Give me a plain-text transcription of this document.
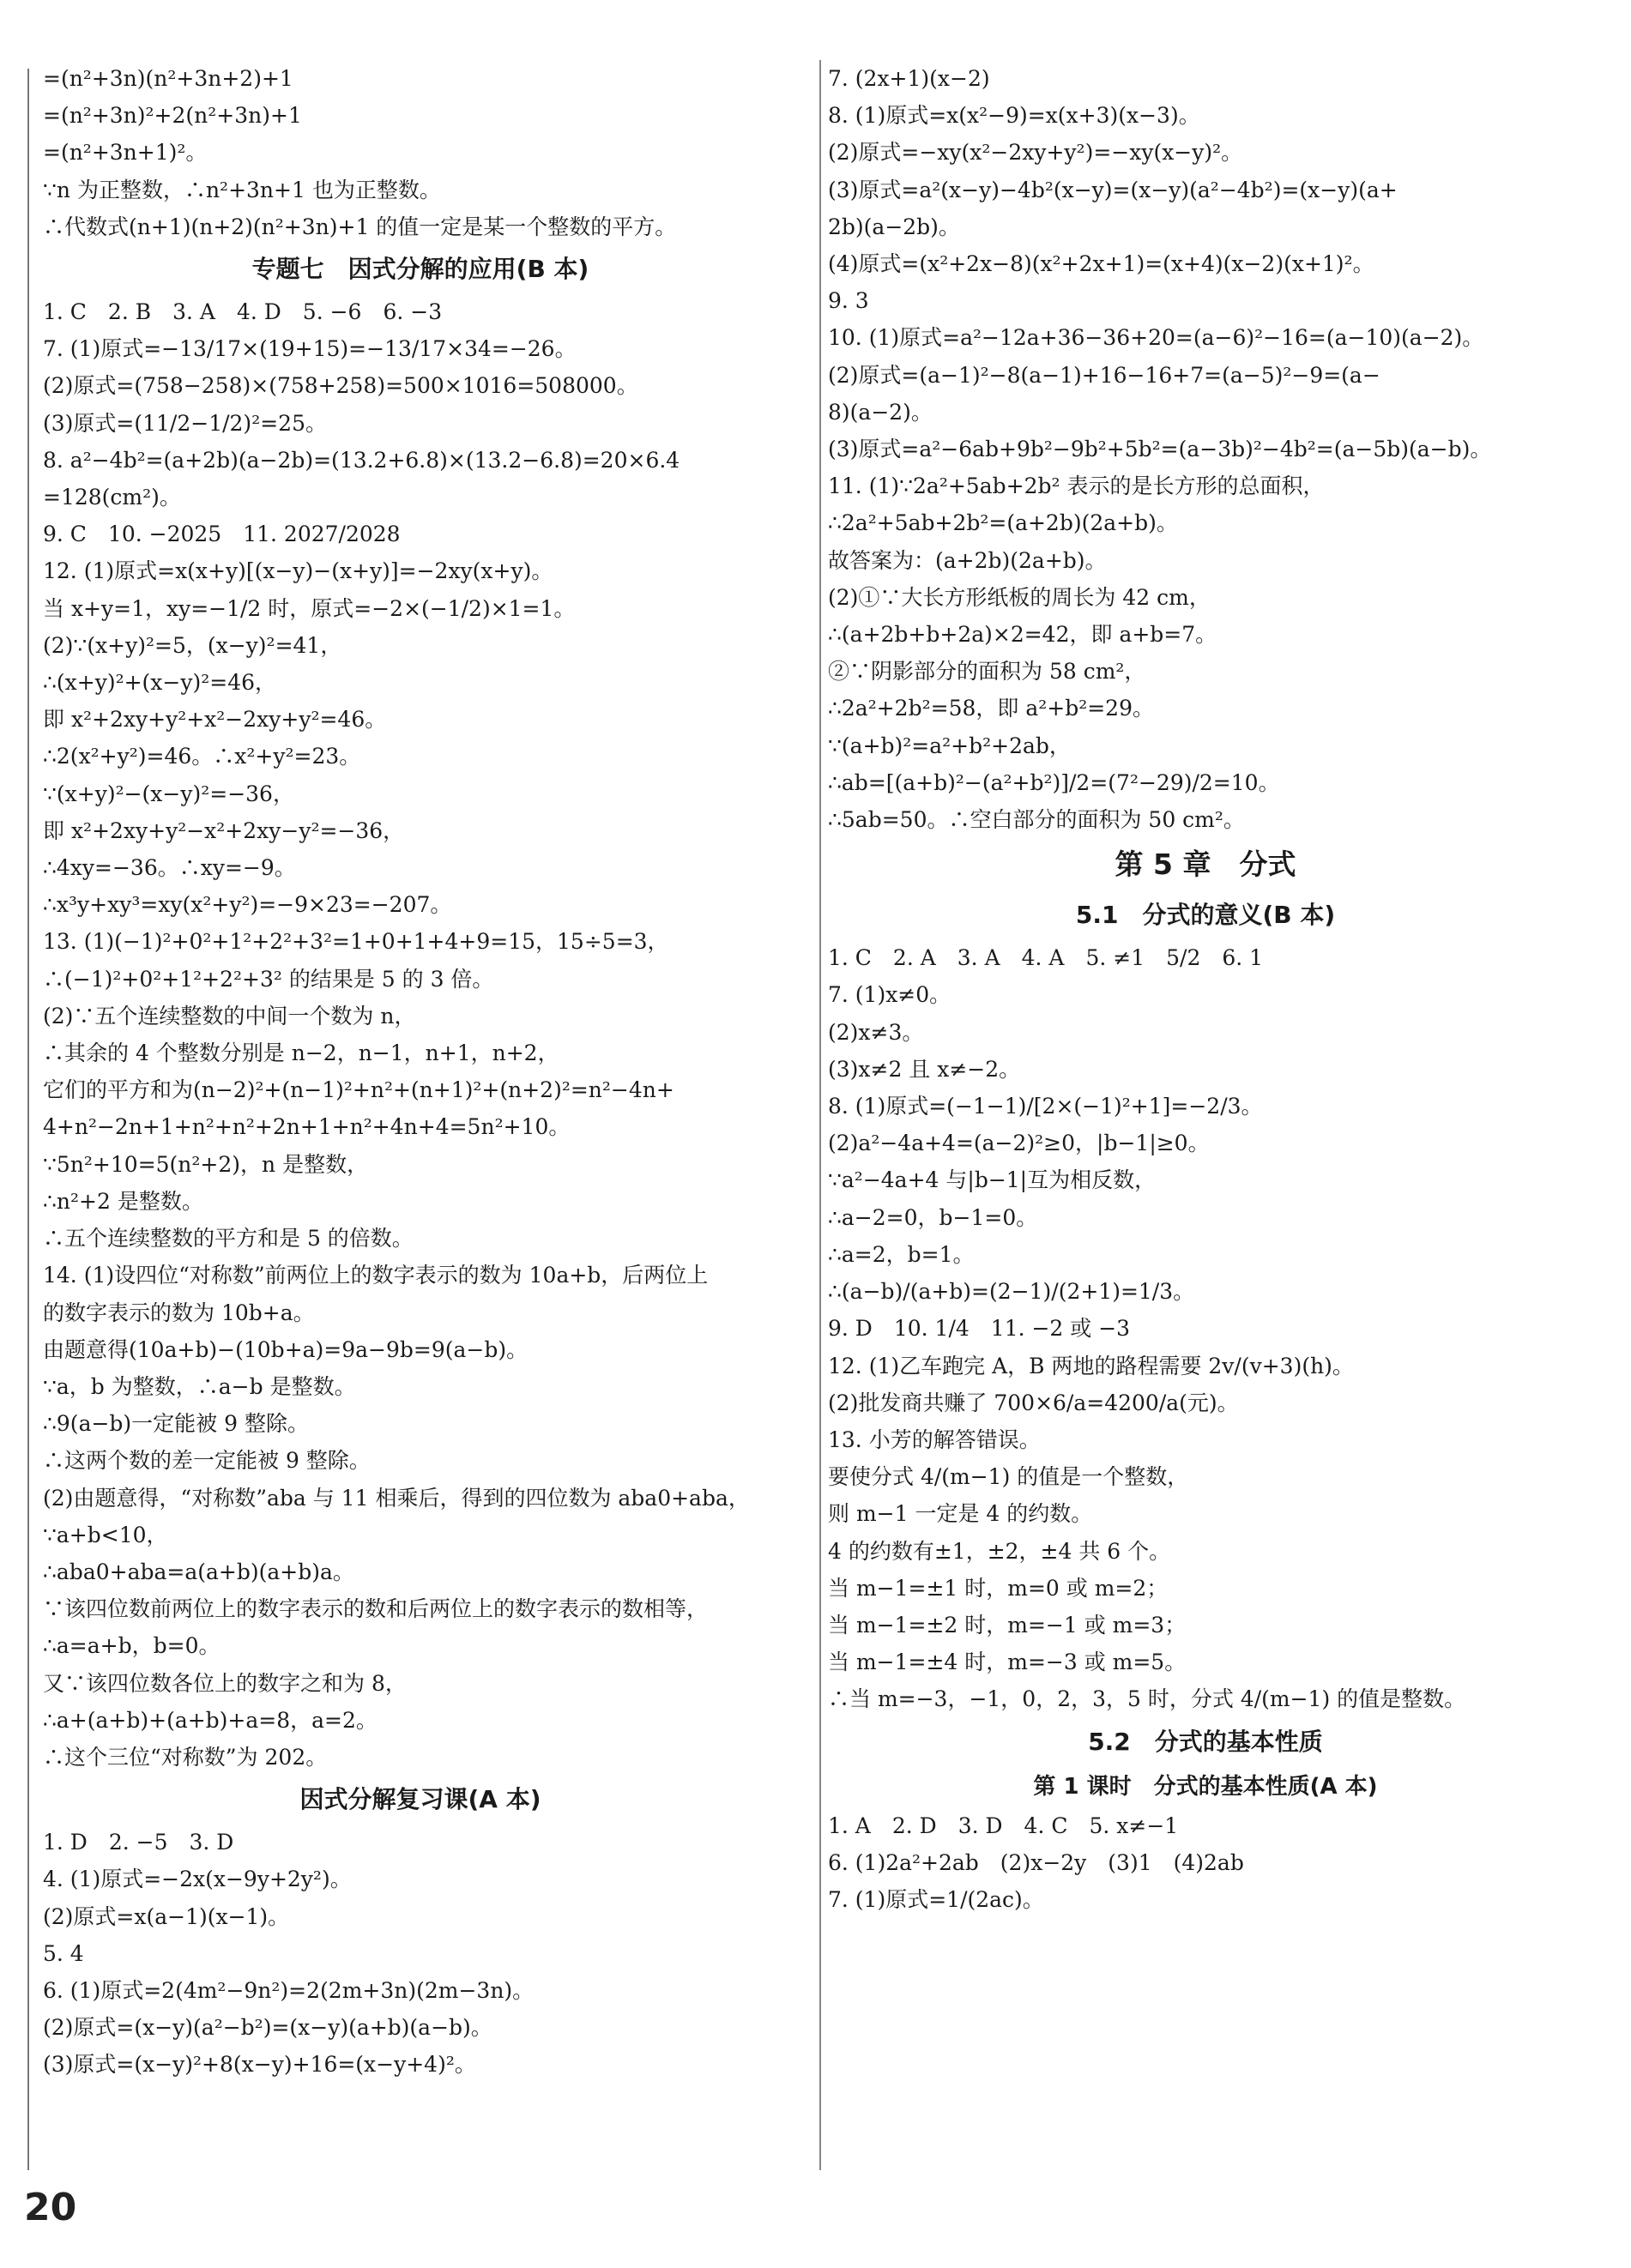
=(n²+3n)(n²+3n+2)+1
=(n²+3n)²+2(n²+3n)+1
=(n²+3n+1)²。
∵n 为正整数，∴n²+3n+1 也为正整数。
∴代数式(n+1)(n+2)(n²+3n)+1 的值一定是某一个整数的平方。
专题七　因式分解的应用(B 本)
1. C　2. B　3. A　4. D　5. −6　6. −3
7. (1)原式=−13/17×(19+15)=−13/17×34=−26。
(2)原式=(758−258)×(758+258)=500×1016=508000。
(3)原式=(11/2−1/2)²=25。
8. a²−4b²=(a+2b)(a−2b)=(13.2+6.8)×(13.2−6.8)=20×6.4
=128(cm²)。
9. C　10. −2025　11. 2027/2028
12. (1)原式=x(x+y)[(x−y)−(x+y)]=−2xy(x+y)。
当 x+y=1，xy=−1/2 时，原式=−2×(−1/2)×1=1。
(2)∵(x+y)²=5，(x−y)²=41，
∴(x+y)²+(x−y)²=46，
即 x²+2xy+y²+x²−2xy+y²=46。
∴2(x²+y²)=46。∴x²+y²=23。
∵(x+y)²−(x−y)²=−36，
即 x²+2xy+y²−x²+2xy−y²=−36，
∴4xy=−36。∴xy=−9。
∴x³y+xy³=xy(x²+y²)=−9×23=−207。
13. (1)(−1)²+0²+1²+2²+3²=1+0+1+4+9=15，15÷5=3，
∴(−1)²+0²+1²+2²+3² 的结果是 5 的 3 倍。
(2)∵五个连续整数的中间一个数为 n，
∴其余的 4 个整数分别是 n−2，n−1，n+1，n+2，
它们的平方和为(n−2)²+(n−1)²+n²+(n+1)²+(n+2)²=n²−4n+
4+n²−2n+1+n²+n²+2n+1+n²+4n+4=5n²+10。
∵5n²+10=5(n²+2)，n 是整数，
∴n²+2 是整数。
∴五个连续整数的平方和是 5 的倍数。
14. (1)设四位“对称数”前两位上的数字表示的数为 10a+b，后两位上
的数字表示的数为 10b+a。
由题意得(10a+b)−(10b+a)=9a−9b=9(a−b)。
∵a，b 为整数，∴a−b 是整数。
∴9(a−b)一定能被 9 整除。
∴这两个数的差一定能被 9 整除。
(2)由题意得，“对称数”aba 与 11 相乘后，得到的四位数为 aba0+aba，
∵a+b<10，
∴aba0+aba=a(a+b)(a+b)a。
∵该四位数前两位上的数字表示的数和后两位上的数字表示的数相等，
∴a=a+b，b=0。
又∵该四位数各位上的数字之和为 8，
∴a+(a+b)+(a+b)+a=8，a=2。
∴这个三位“对称数”为 202。
因式分解复习课(A 本)
1. D　2. −5　3. D
4. (1)原式=−2x(x−9y+2y²)。
(2)原式=x(a−1)(x−1)。
5. 4
6. (1)原式=2(4m²−9n²)=2(2m+3n)(2m−3n)。
(2)原式=(x−y)(a²−b²)=(x−y)(a+b)(a−b)。
(3)原式=(x−y)²+8(x−y)+16=(x−y+4)²。
7. (2x+1)(x−2)
8. (1)原式=x(x²−9)=x(x+3)(x−3)。
(2)原式=−xy(x²−2xy+y²)=−xy(x−y)²。
(3)原式=a²(x−y)−4b²(x−y)=(x−y)(a²−4b²)=(x−y)(a+
2b)(a−2b)。
(4)原式=(x²+2x−8)(x²+2x+1)=(x+4)(x−2)(x+1)²。
9. 3
10. (1)原式=a²−12a+36−36+20=(a−6)²−16=(a−10)(a−2)。
(2)原式=(a−1)²−8(a−1)+16−16+7=(a−5)²−9=(a−
8)(a−2)。
(3)原式=a²−6ab+9b²−9b²+5b²=(a−3b)²−4b²=(a−5b)(a−b)。
11. (1)∵2a²+5ab+2b² 表示的是长方形的总面积，
∴2a²+5ab+2b²=(a+2b)(2a+b)。
故答案为：(a+2b)(2a+b)。
(2)①∵大长方形纸板的周长为 42 cm，
∴(a+2b+b+2a)×2=42，即 a+b=7。
②∵阴影部分的面积为 58 cm²，
∴2a²+2b²=58，即 a²+b²=29。
∵(a+b)²=a²+b²+2ab，
∴ab=[(a+b)²−(a²+b²)]/2=(7²−29)/2=10。
∴5ab=50。∴空白部分的面积为 50 cm²。
第 5 章　分式
5.1　分式的意义(B 本)
1. C　2. A　3. A　4. A　5. ≠1　5/2　6. 1
7. (1)x≠0。
(2)x≠3。
(3)x≠2 且 x≠−2。
8. (1)原式=(−1−1)/[2×(−1)²+1]=−2/3。
(2)a²−4a+4=(a−2)²≥0，|b−1|≥0。
∵a²−4a+4 与|b−1|互为相反数，
∴a−2=0，b−1=0。
∴a=2，b=1。
∴(a−b)/(a+b)=(2−1)/(2+1)=1/3。
9. D　10. 1/4　11. −2 或 −3
12. (1)乙车跑完 A，B 两地的路程需要 2v/(v+3)(h)。
(2)批发商共赚了 700×6/a=4200/a(元)。
13. 小芳的解答错误。
要使分式 4/(m−1) 的值是一个整数，
则 m−1 一定是 4 的约数。
4 的约数有±1，±2，±4 共 6 个。
当 m−1=±1 时，m=0 或 m=2；
当 m−1=±2 时，m=−1 或 m=3；
当 m−1=±4 时，m=−3 或 m=5。
∴当 m=−3，−1，0，2，3，5 时，分式 4/(m−1) 的值是整数。
5.2　分式的基本性质
第 1 课时　分式的基本性质(A 本)
1. A　2. D　3. D　4. C　5. x≠−1
6. (1)2a²+2ab　(2)x−2y　(3)1　(4)2ab
7. (1)原式=1/(2ac)。
20
